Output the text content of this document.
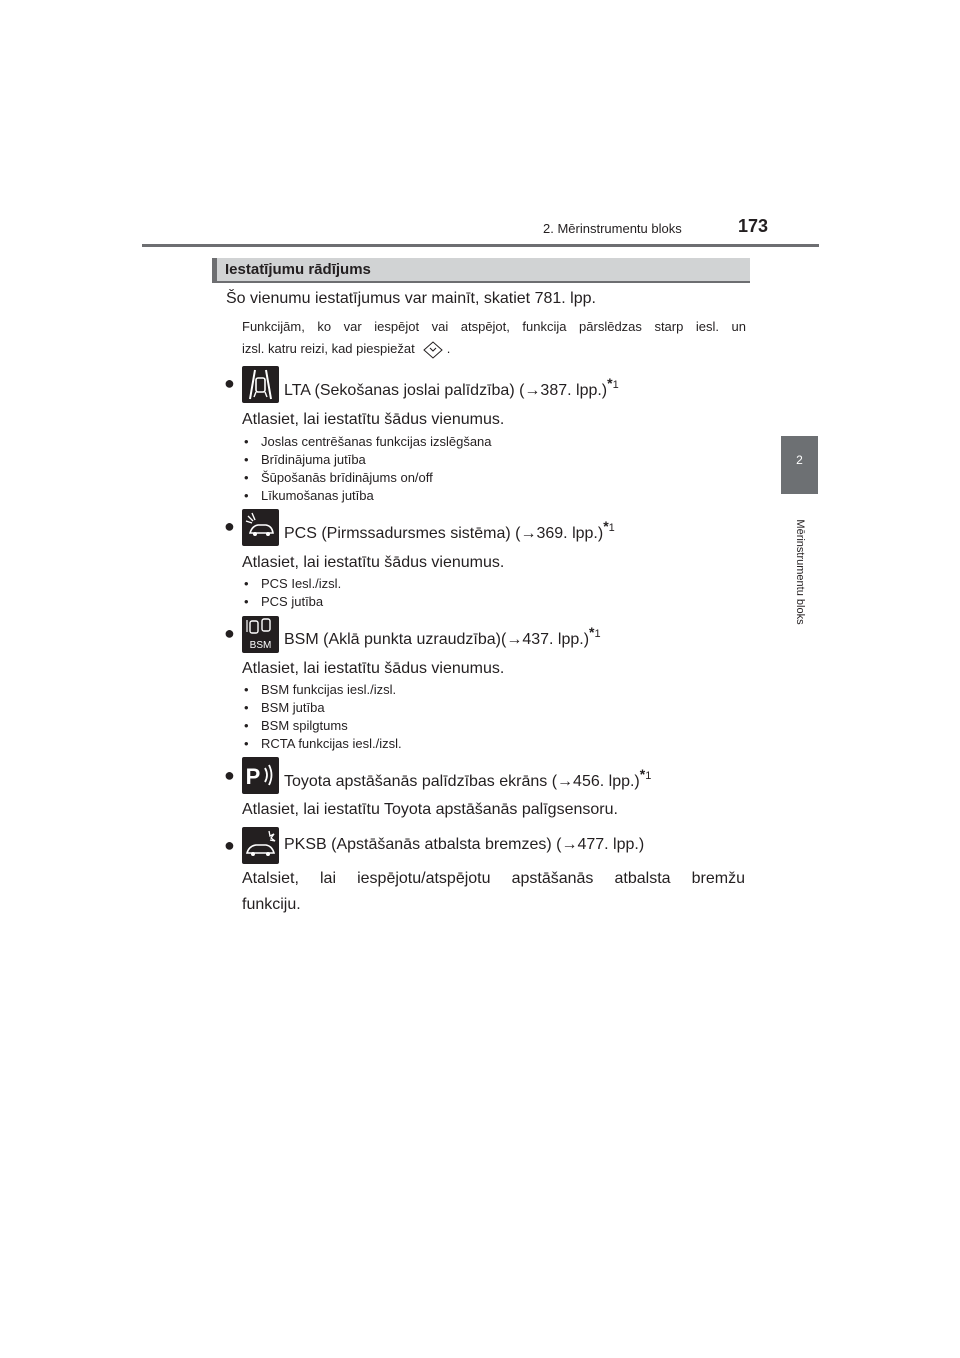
2. Mērinstrumentu bloks	173
2
Mērinstrumentu bloks
Iestatījumu rādījums
Šo vienumu iestatījumus var mainīt, skatiet 781. lpp.
Funkcijām, ko var iespējot vai atspējot, funkcija pārslēdzas starp iesl. un
izsl. katru reizi, kad piespiežat .
●	LTA (Sekošanas joslai palīdzība) (→387. lpp.)$^{*1}$
Atlasiet, lai iestatītu šādus vienumus.
• Joslas centrēšanas funkcijas izslēgšana
• Brīdinājuma jutība
• Šūpošanās brīdinājums on/off
• Līkumošanas jutība
●	PCS (Pirmssadursmes sistēma) (→369. lpp.)$^{*1}$
Atlasiet, lai iestatītu šādus vienumus.
• PCS Iesl./izsl.
• PCS jutība
●
BSM BSM (Aklā punkta uzraudzība)(→437. lpp.)$^{*1}$
Atlasiet, lai iestatītu šādus vienumus.
• BSM funkcijas iesl./izsl.
• BSM jutība
• BSM spilgtums
• RCTA funkcijas iesl./izsl.
● P Toyota apstāšanās palīdzības ekrāns (→456. lpp.)$^{*1}$
Atlasiet, lai iestatītu Toyota apstāšanās palīgsensoru.
●	PKSB (Apstāšanās atbalsta bremzes) (→477. lpp.)
Atalsiet, lai iespējotu/atspējotu apstāšanās atbalsta bremžu
funkciju.
